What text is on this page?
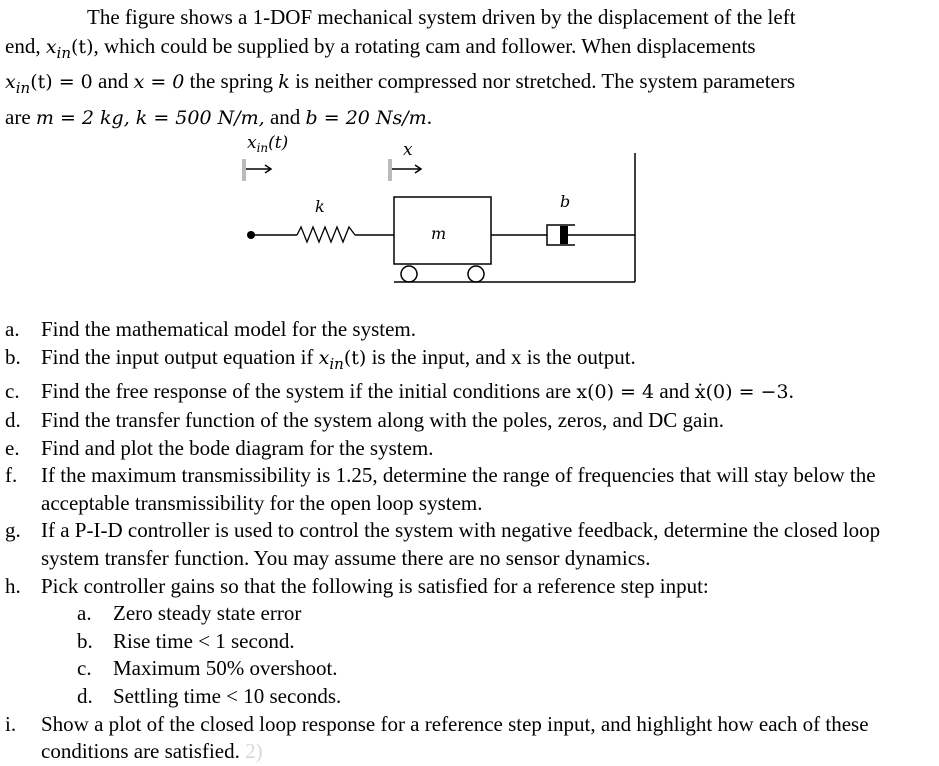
The figure shows a 1-DOF mechanical system driven by the displacement of the left
end, $x_{in}(t)$, which could be supplied by a rotating cam and follower. When displacements
$x_{in}(t) = 0$ and x = 0 the spring k is neither compressed nor stretched. The system parameters
are m = 2 kg, k = 500 N/m, and b = 20 Ns/m.
$x_{in}(t)$	x
k
m
b
a.	Find the mathematical model for the system.
b. Find the input output equation if $x_{in}(t)$ is the input, and x is the output.
c.	Find the free response of the system if the initial conditions are x(0) = 4 and ẋ(0) = −3.
d. Find the transfer function of the system along with the poles, zeros, and DC gain.
e.	Find and plot the bode diagram for the system.
f.	If the maximum transmissibility is 1.25, determine the range of frequencies that will stay below the acceptable transmissibility for the open loop system.
g. If a P-I-D controller is used to control the system with negative feedback, determine the closed loop system transfer function. You may assume there are no sensor dynamics.
h. Pick controller gains so that the following is satisfied for a reference step input:
a.	Zero steady state error
b. Rise time < 1 second.
c.	Maximum 50% overshoot.
d. Settling time < 10 seconds.
i.	Show a plot of the closed loop response for a reference step input, and highlight how each of these conditions are satisfied. 2)
